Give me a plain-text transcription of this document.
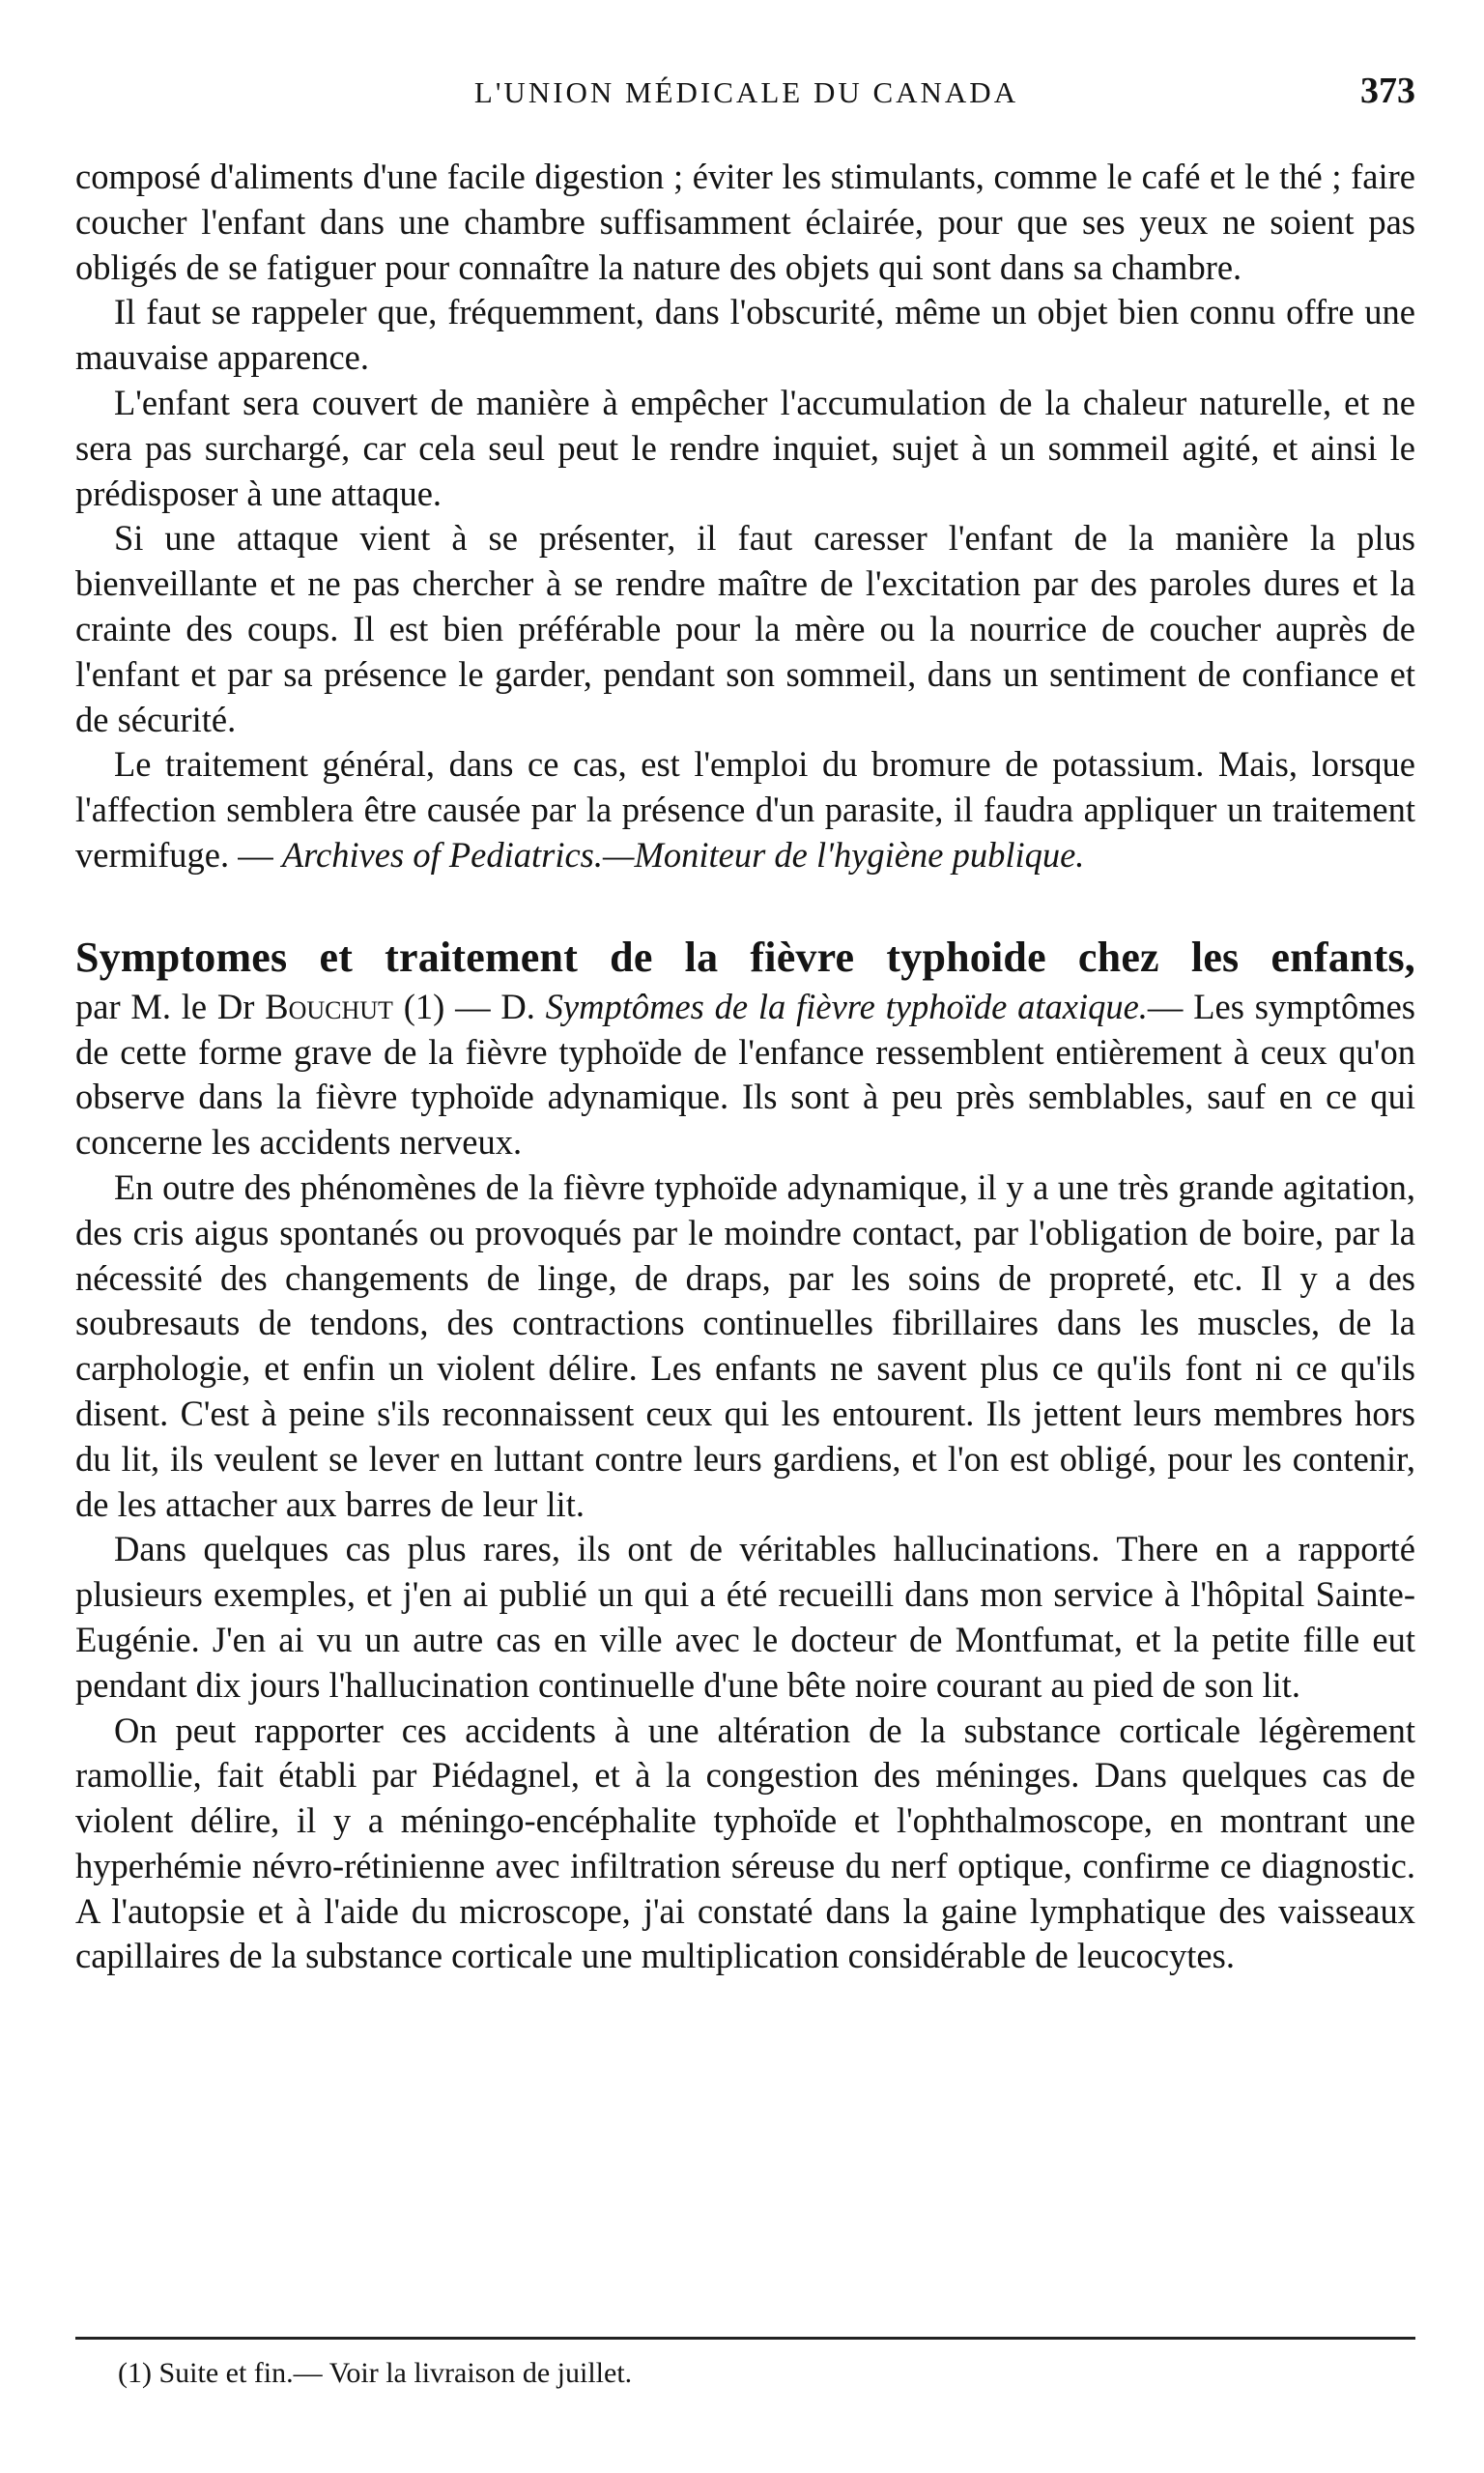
L'UNION MÉDICALE DU CANADA	373

composé d'aliments d'une facile digestion ; éviter les stimulants, comme le café et le thé ; faire coucher l'enfant dans une chambre suffisamment éclairée, pour que ses yeux ne soient pas obligés de se fatiguer pour connaître la nature des objets qui sont dans sa chambre.

Il faut se rappeler que, fréquemment, dans l'obscurité, même un objet bien connu offre une mauvaise apparence.

L'enfant sera couvert de manière à empêcher l'accumulation de la chaleur naturelle, et ne sera pas surchargé, car cela seul peut le rendre inquiet, sujet à un sommeil agité, et ainsi le prédisposer à une attaque.

Si une attaque vient à se présenter, il faut caresser l'enfant de la manière la plus bienveillante et ne pas chercher à se rendre maître de l'excitation par des paroles dures et la crainte des coups. Il est bien préférable pour la mère ou la nourrice de coucher auprès de l'enfant et par sa présence le garder, pendant son sommeil, dans un sentiment de confiance et de sécurité.

Le traitement général, dans ce cas, est l'emploi du bromure de potassium. Mais, lorsque l'affection semblera être causée par la présence d'un parasite, il faudra appliquer un traitement vermifuge. — Archives of Pediatrics.—Moniteur de l'hygiène publique.

Symptomes et traitement de la fièvre typhoide chez les enfants,

par M. le Dr Bouchut (1) — D. Symptômes de la fièvre typhoïde ataxique.— Les symptômes de cette forme grave de la fièvre typhoïde de l'enfance ressemblent entièrement à ceux qu'on observe dans la fièvre typhoïde adynamique. Ils sont à peu près semblables, sauf en ce qui concerne les accidents nerveux.

En outre des phénomènes de la fièvre typhoïde adynamique, il y a une très grande agitation, des cris aigus spontanés ou provoqués par le moindre contact, par l'obligation de boire, par la nécessité des changements de linge, de draps, par les soins de propreté, etc. Il y a des soubresauts de tendons, des contractions continuelles fibrillaires dans les muscles, de la carphologie, et enfin un violent délire. Les enfants ne savent plus ce qu'ils font ni ce qu'ils disent. C'est à peine s'ils reconnaissent ceux qui les entourent. Ils jettent leurs membres hors du lit, ils veulent se lever en luttant contre leurs gardiens, et l'on est obligé, pour les contenir, de les attacher aux barres de leur lit.

Dans quelques cas plus rares, ils ont de véritables hallucinations. There en a rapporté plusieurs exemples, et j'en ai publié un qui a été recueilli dans mon service à l'hôpital Sainte-Eugénie. J'en ai vu un autre cas en ville avec le docteur de Montfumat, et la petite fille eut pendant dix jours l'hallucination continuelle d'une bête noire courant au pied de son lit.

On peut rapporter ces accidents à une altération de la substance corticale légèrement ramollie, fait établi par Piédagnel, et à la congestion des méninges. Dans quelques cas de violent délire, il y a méningo-encéphalite typhoïde et l'ophthalmoscope, en montrant une hyperhémie névro-rétinienne avec infiltration séreuse du nerf optique, confirme ce diagnostic. A l'autopsie et à l'aide du microscope, j'ai constaté dans la gaine lymphatique des vaisseaux capillaires de la substance corticale une multiplication considérable de leucocytes.

(1) Suite et fin.— Voir la livraison de juillet.
